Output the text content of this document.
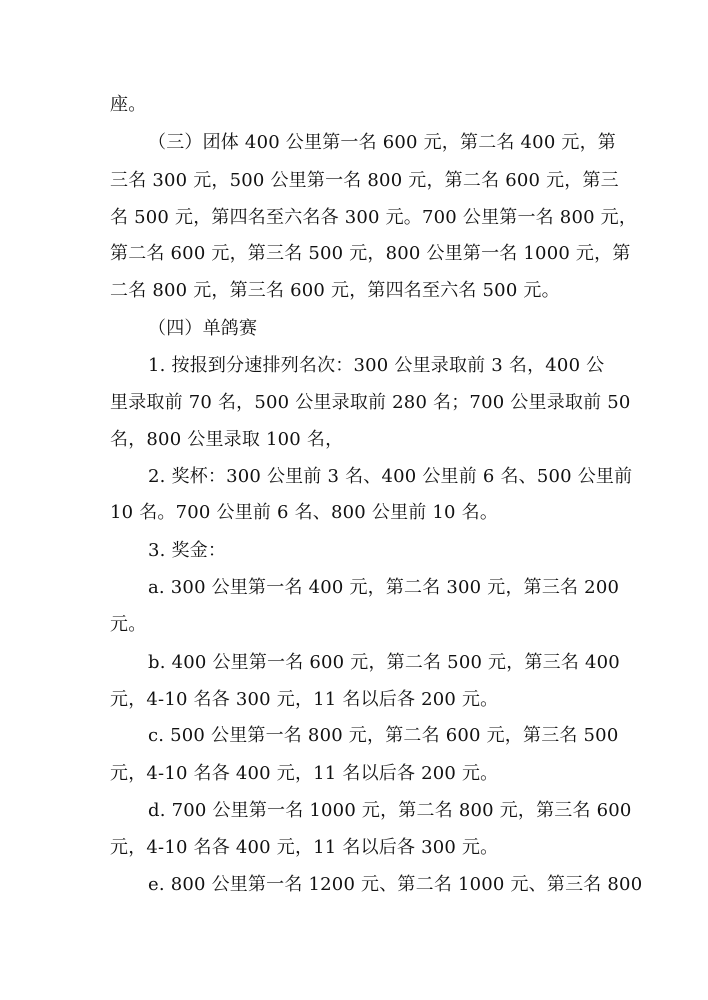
座。
（三）团体 400 公里第一名 600 元，第二名 400 元，第
三名 300 元，500 公里第一名 800 元，第二名 600 元，第三
名 500 元，第四名至六名各 300 元。700 公里第一名 800 元，
第二名 600 元，第三名 500 元，800 公里第一名 1000 元，第
二名 800 元，第三名 600 元，第四名至六名 500 元。
（四）单鸽赛
1. 按报到分速排列名次：300 公里录取前 3 名，400 公
里录取前 70 名，500 公里录取前 280 名；700 公里录取前 50
名，800 公里录取 100 名，
2. 奖杯：300 公里前 3 名、400 公里前 6 名、500 公里前
10 名。700 公里前 6 名、800 公里前 10 名。
3. 奖金：
a. 300 公里第一名 400 元，第二名 300 元，第三名 200
元。
b. 400 公里第一名 600 元，第二名 500 元，第三名 400
元，4-10 名各 300 元，11 名以后各 200 元。
c. 500 公里第一名 800 元，第二名 600 元，第三名 500
元，4-10 名各 400 元，11 名以后各 200 元。
d. 700 公里第一名 1000 元，第二名 800 元，第三名 600
元，4-10 名各 400 元，11 名以后各 300 元。
e. 800 公里第一名 1200 元、第二名 1000 元、第三名 800
